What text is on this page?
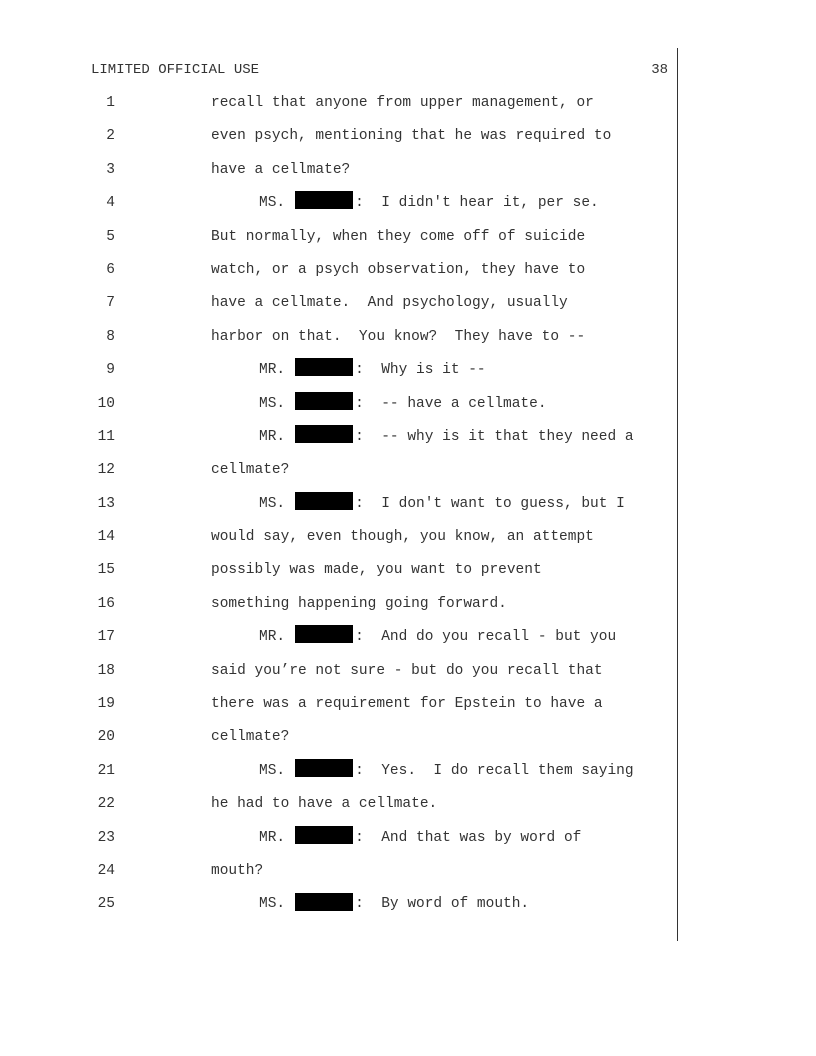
LIMITED OFFICIAL USE	38
1	recall that anyone from upper management, or
2	even psych, mentioning that he was required to
3	have a cellmate?
4	MS.	:  I didn't hear it, per se.
5	But normally, when they come off of suicide
6	watch, or a psych observation, they have to
7	have a cellmate.  And psychology, usually
8	harbor on that.  You know?  They have to --
9	MR.	:  Why is it --
10	MS.	:  -- have a cellmate.
11	MR.	:  -- why is it that they need a
12	cellmate?
13	MS.	:  I don't want to guess, but I
14	would say, even though, you know, an attempt
15	possibly was made, you want to prevent
16	something happening going forward.
17	MR.	:  And do you recall - but you
18	said you’re not sure - but do you recall that
19	there was a requirement for Epstein to have a
20	cellmate?
21	MS.	:  Yes.  I do recall them saying
22	he had to have a cellmate.
23	MR.	:  And that was by word of
24	mouth?
25	MS.	:  By word of mouth.
